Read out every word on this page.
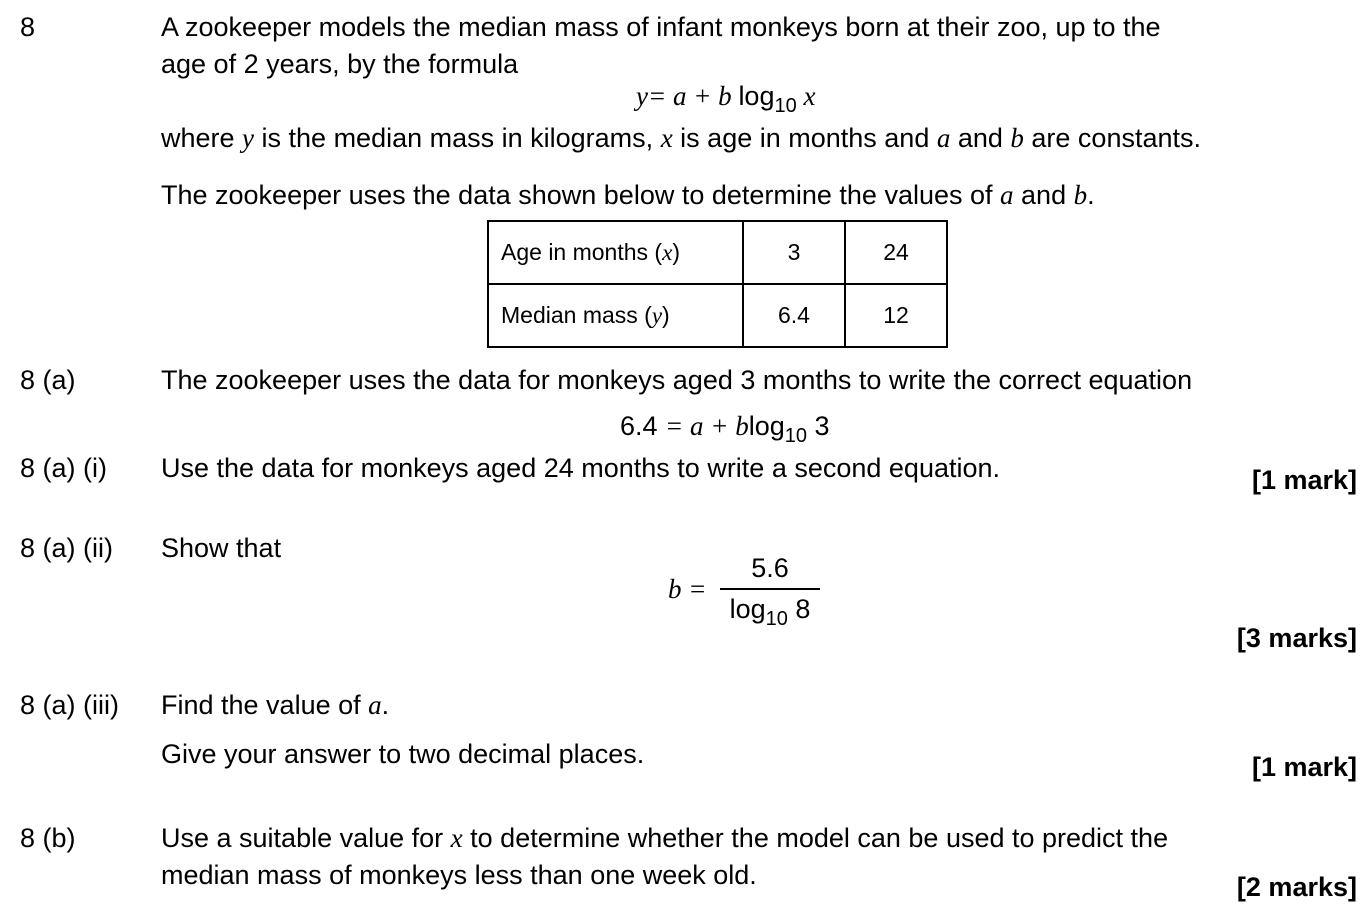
8	A zookeeper models the median mass of infant monkeys born at their zoo, up to the
age of 2 years, by the formula
y= a + b $\log_{10} x$
where y is the median mass in kilograms, x is age in months and a and b are constants.
The zookeeper uses the data shown below to determine the values of a and b.
Age in months (x)	3	24
Median mass (y)	6.4	12
8 (a)	The zookeeper uses the data for monkeys aged 3 months to write the correct equation
6.4 = a + blog$_{10}$ 3
8 (a) (i) Use the data for monkeys aged 24 months to write a second equation.	[1 mark]
8 (a) (ii) Show that
b =
5.6
$\log_{10} 8$
[3 marks]
8 (a) (iii) Find the value of a.
Give your answer to two decimal places.	[1 mark]
8 (b)	Use a suitable value for x to determine whether the model can be used to predict the
median mass of monkeys less than one week old.	[2 marks]
